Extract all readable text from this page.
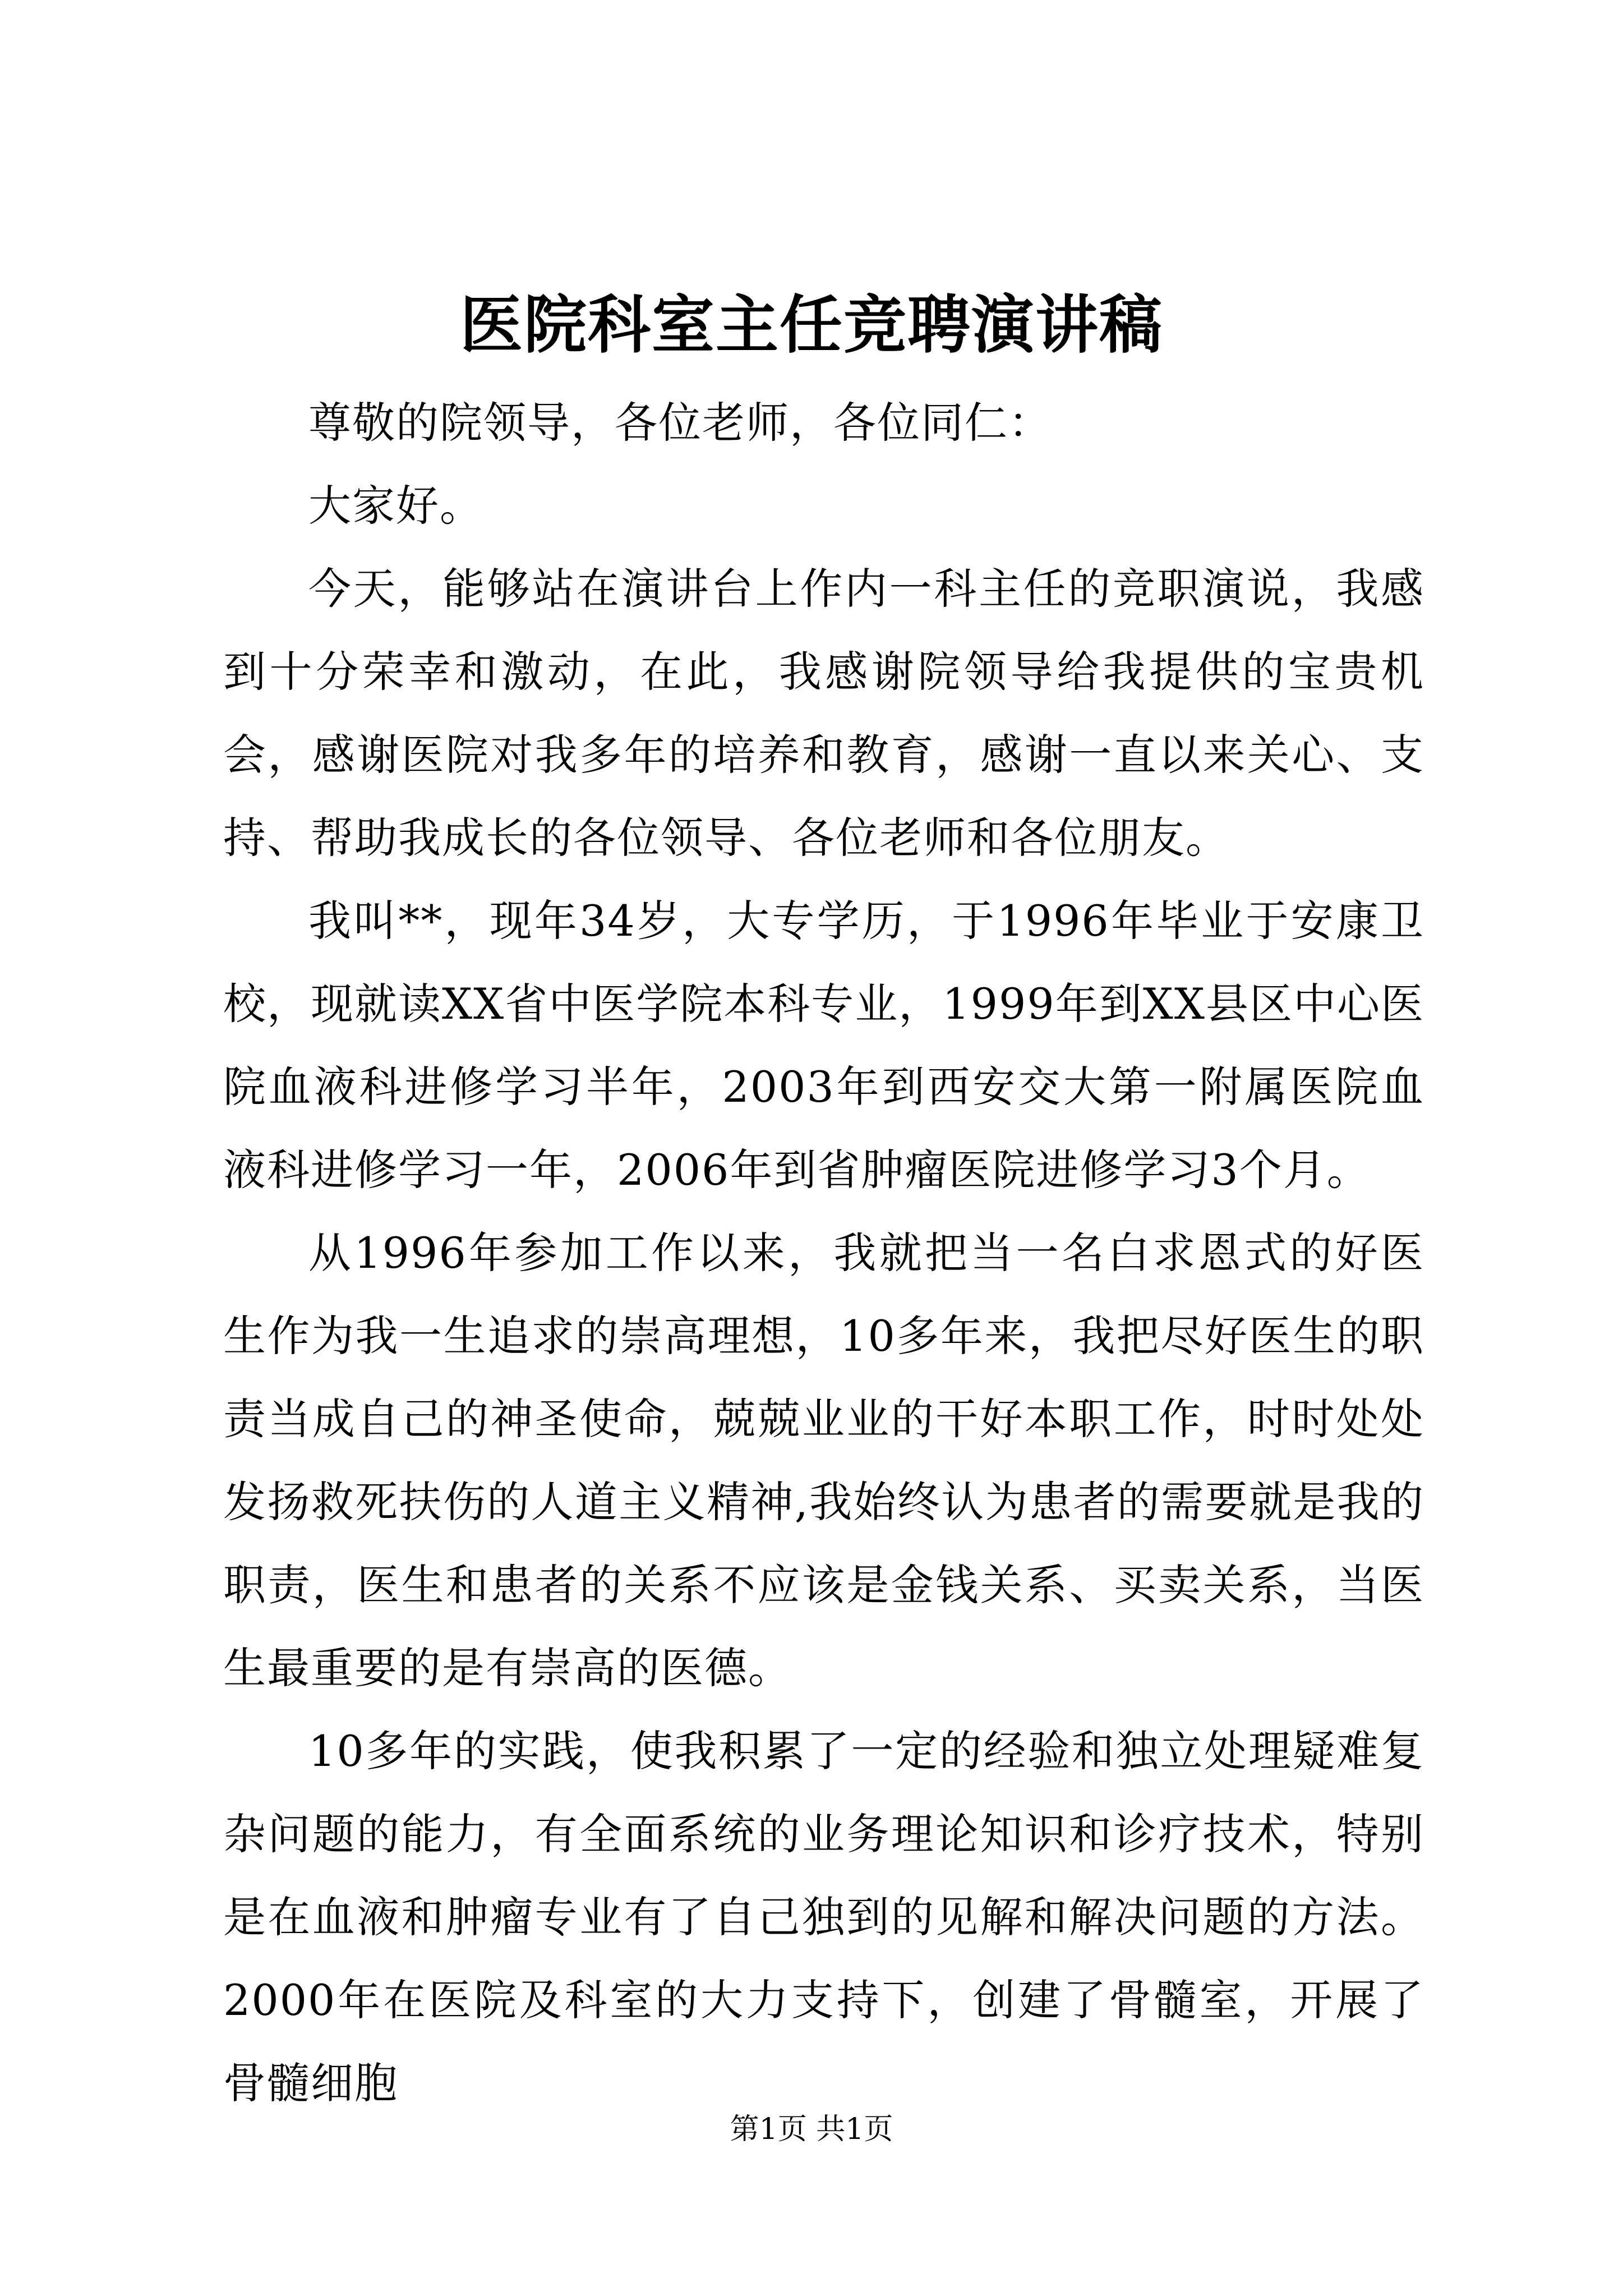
医院科室主任竞聘演讲稿

尊敬的院领导，各位老师，各位同仁：

大家好。

今天，能够站在演讲台上作内一科主任的竞职演说，我感到十分荣幸和激动，在此，我感谢院领导给我提供的宝贵机会，感谢医院对我多年的培养和教育，感谢一直以来关心、支持、帮助我成长的各位领导、各位老师和各位朋友。

我叫**，现年34岁，大专学历，于1996年毕业于安康卫校，现就读XX省中医学院本科专业，1999年到XX县区中心医院血液科进修学习半年，2003年到西安交大第一附属医院血液科进修学习一年，2006年到省肿瘤医院进修学习3个月。

从1996年参加工作以来，我就把当一名白求恩式的好医生作为我一生追求的崇高理想，10多年来，我把尽好医生的职责当成自己的神圣使命，兢兢业业的干好本职工作，时时处处发扬救死扶伤的人道主义精神,我始终认为患者的需要就是我的职责，医生和患者的关系不应该是金钱关系、买卖关系，当医生最重要的是有崇高的医德。

10多年的实践，使我积累了一定的经验和独立处理疑难复杂问题的能力，有全面系统的业务理论知识和诊疗技术，特别是在血液和肿瘤专业有了自己独到的见解和解决问题的方法。2000年在医院及科室的大力支持下，创建了骨髓室，开展了骨髓细胞

第1页 共1页
